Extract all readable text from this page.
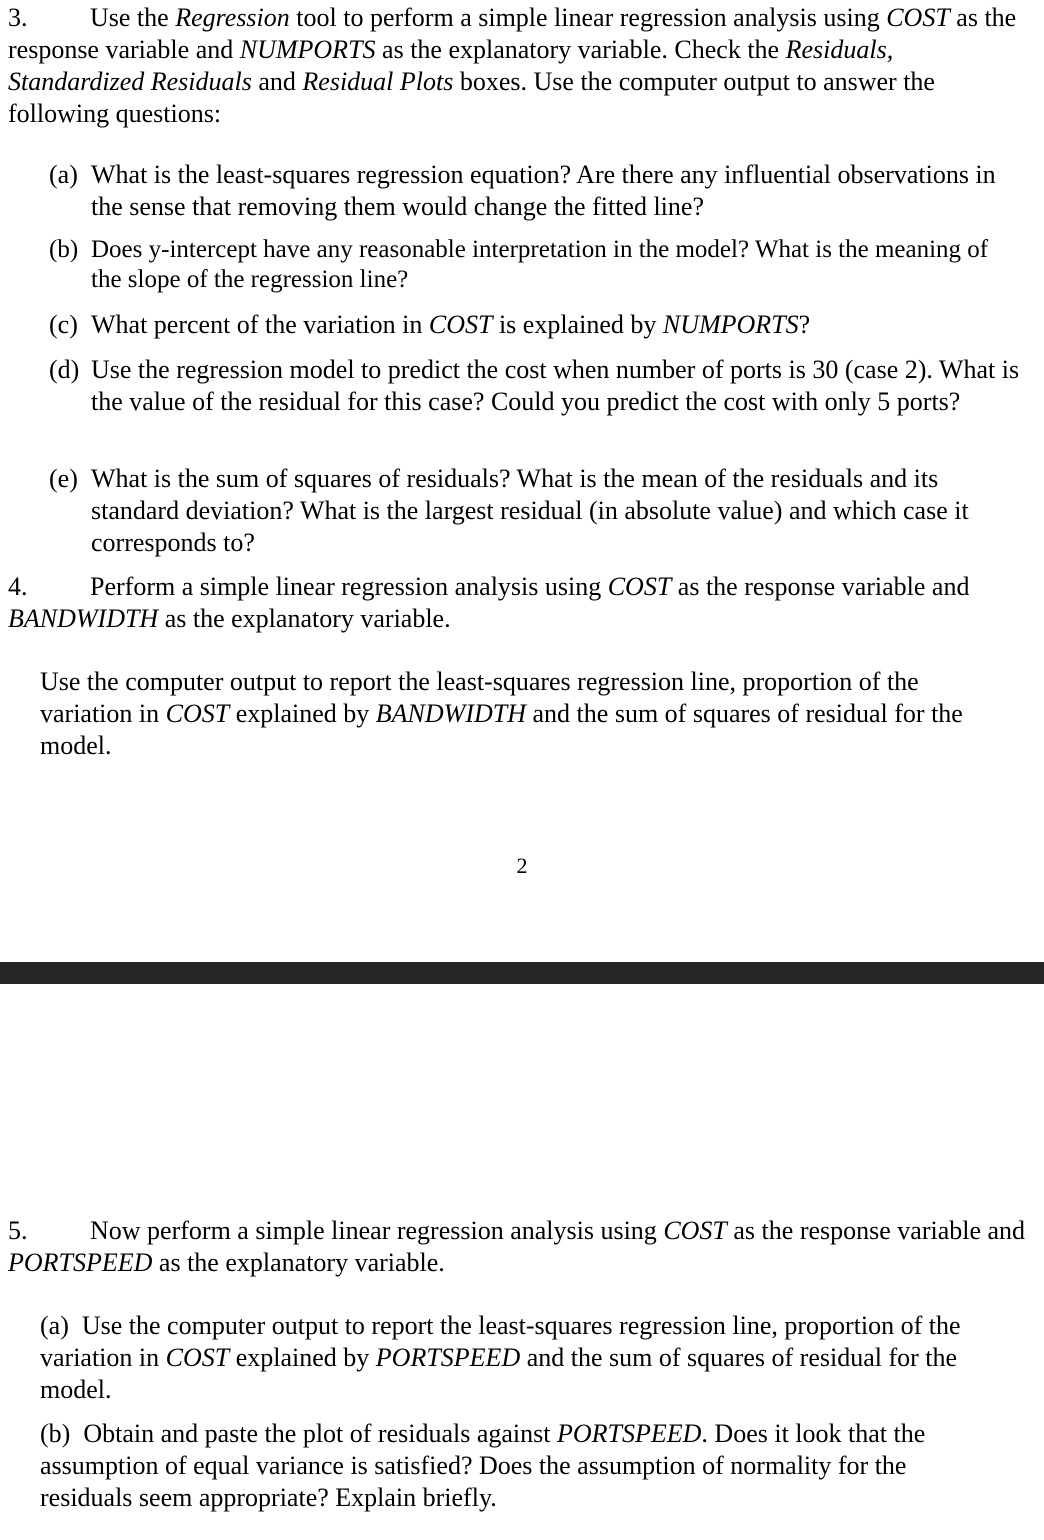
3. Use the Regression tool to perform a simple linear regression analysis using COST as the response variable and NUMPORTS as the explanatory variable. Check the Residuals, Standardized Residuals and Residual Plots boxes. Use the computer output to answer the following questions:

(a) What is the least-squares regression equation? Are there any influential observations in the sense that removing them would change the fitted line?
(b) Does y-intercept have any reasonable interpretation in the model? What is the meaning of the slope of the regression line?
(c) What percent of the variation in COST is explained by NUMPORTS?
(d) Use the regression model to predict the cost when number of ports is 30 (case 2). What is the value of the residual for this case? Could you predict the cost with only 5 ports?
(e) What is the sum of squares of residuals? What is the mean of the residuals and its standard deviation? What is the largest residual (in absolute value) and which case it corresponds to?

4. Perform a simple linear regression analysis using COST as the response variable and BANDWIDTH as the explanatory variable.

Use the computer output to report the least-squares regression line, proportion of the variation in COST explained by BANDWIDTH and the sum of squares of residual for the model.

2

5. Now perform a simple linear regression analysis using COST as the response variable and PORTSPEED as the explanatory variable.

(a) Use the computer output to report the least-squares regression line, proportion of the variation in COST explained by PORTSPEED and the sum of squares of residual for the model.

(b) Obtain and paste the plot of residuals against PORTSPEED. Does it look that the assumption of equal variance is satisfied? Does the assumption of normality for the residuals seem appropriate? Explain briefly.
